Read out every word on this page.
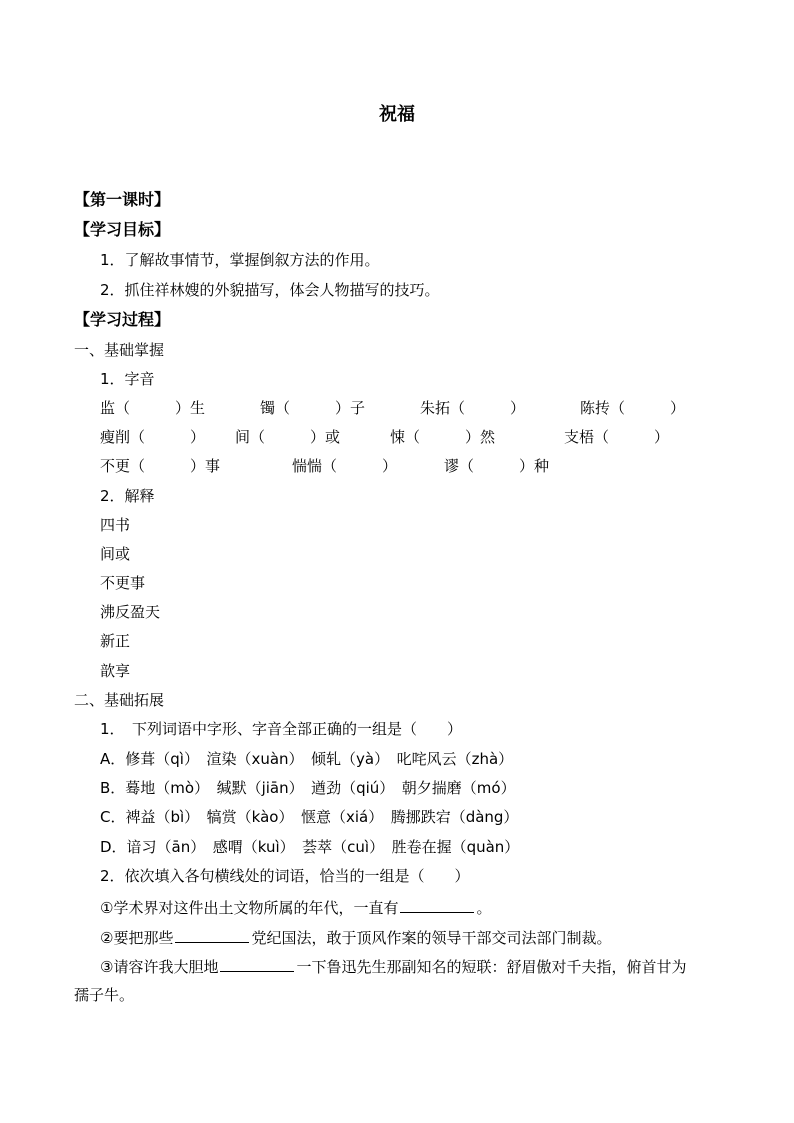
祝福
【第一课时】
【学习目标】
1．了解故事情节，掌握倒叙方法的作用。
2．抓住祥林嫂的外貌描写，体会人物描写的技巧。
【学习过程】
一、基础掌握
1．字音
监（　　　）生	镯（　　　）子	朱拓（　　　）	陈抟（　　　）
瘦削（　　　） 间（　　　）或	悚（　　　）然	支梧（　　　）
不更（　　　）事	惴惴（　　　）	谬（　　　）种
2．解释
四书
间或
不更事
沸反盈天
新正
歆享
二、基础拓展
1．　下列词语中字形、字音全部正确的一组是（　　）
A．修葺（qì）　渲染（xuàn）　倾轧（yà）　叱咤风云（zhà）
B．蓦地（mò）　缄默（jiān）　遒劲（qiú）　朝夕揣磨（mó）
C．裨益（bì）　犒赏（kào）　惬意（xiá）　腾挪跌宕（dàng）
D．谙习（ān）　感喟（kuì）　荟萃（cuì）　胜卷在握（quàn）
2．依次填入各句横线处的词语，恰当的一组是（　　）
①学术界对这件出土文物所属的年代，一直有	。
②要把那些	党纪国法，敢于顶风作案的领导干部交司法部门制裁。
③请容许我大胆地	一下鲁迅先生那副知名的短联：舒眉傲对千夫指，俯首甘为
孺子牛。
